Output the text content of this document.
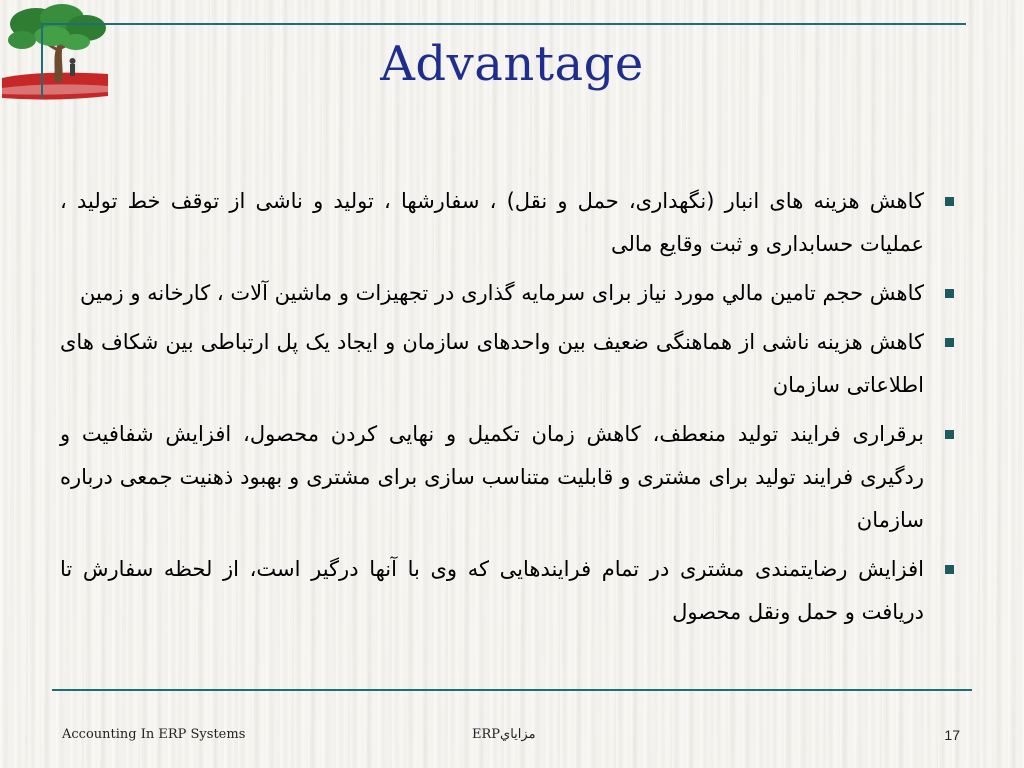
Advantage
کاهش هزینه های انبار (نگهداری، حمل و نقل) ، سفارشها ، تولید و ناشی از توقف خط تولید ، عملیات حسابداری و ثبت وقایع مالی
کاهش حجم تامین مالي مورد نیاز برای سرمایه گذاری در تجهیزات و ماشین آلات ، کارخانه و زمین
کاهش هزینه ناشی از هماهنگی ضعیف بین واحدهای سازمان و ایجاد یک پل ارتباطی بین شکاف های اطلاعاتی سازمان
برقراری فرایند تولید منعطف، کاهش زمان تکمیل و نهایی کردن محصول، افزایش شفافیت و ردگیری فرایند تولید برای مشتری و قابلیت متناسب سازی برای مشتری و بهبود ذهنیت جمعی درباره سازمان
افزایش رضایتمندی مشتری در تمام فرایندهایی که وی با آنها درگیر است، از لحظه سفارش تا دریافت و حمل ونقل محصول
Accounting In ERP Systems	ERPمزاياي	17
